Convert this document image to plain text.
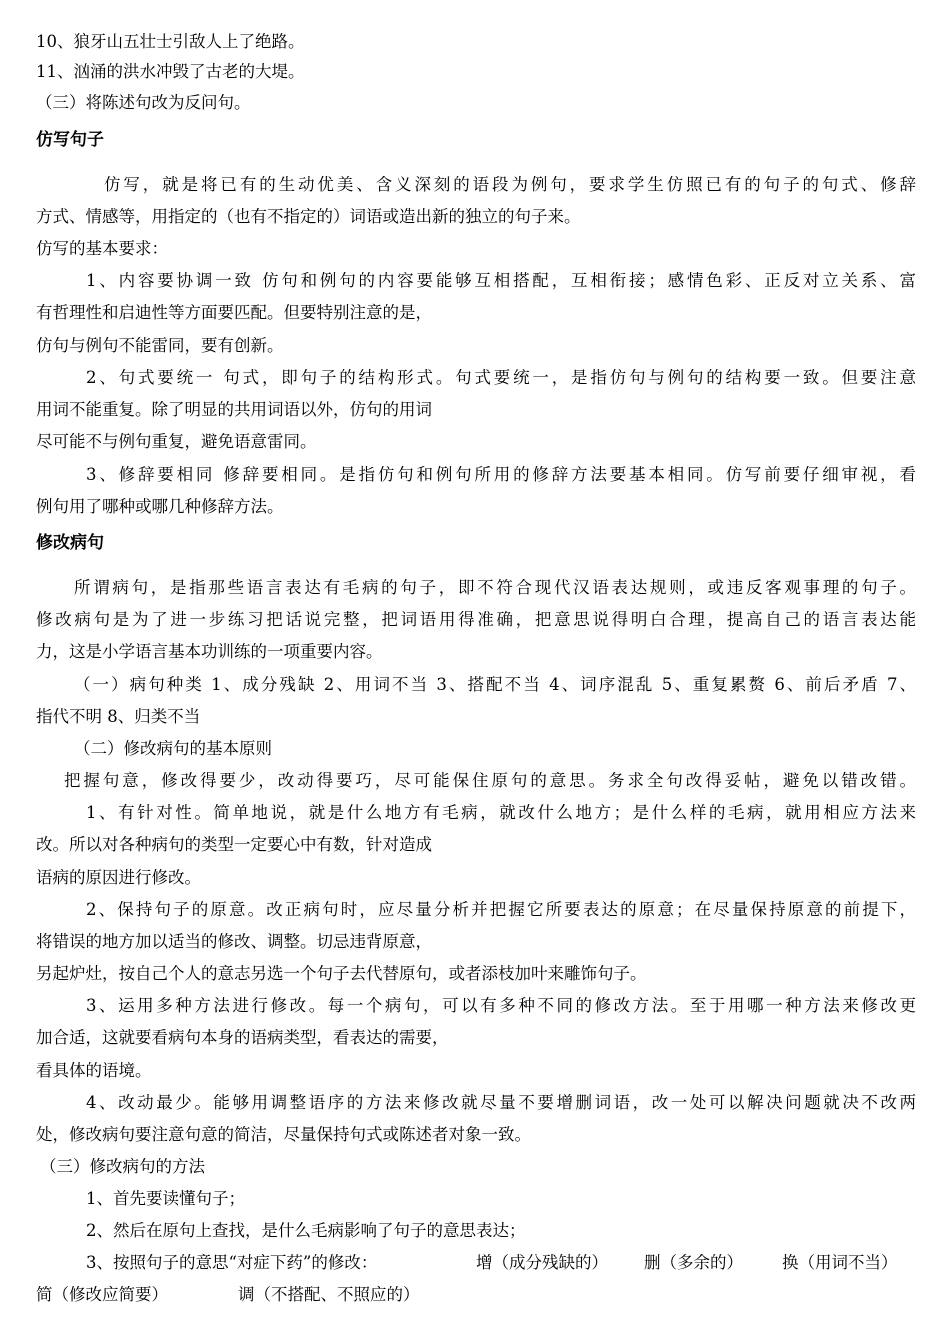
10、狼牙山五壮士引敌人上了绝路。
11、汹涌的洪水冲毁了古老的大堤。
（三）将陈述句改为反问句。
仿写句子
仿写，就是将已有的生动优美、含义深刻的语段为例句，要求学生仿照已有的句子的句式、修辞
方式、情感等，用指定的（也有不指定的）词语或造出新的独立的句子来。
仿写的基本要求：
1、内容要协调一致 仿句和例句的内容要能够互相搭配，互相衔接；感情色彩、正反对立关系、富
有哲理性和启迪性等方面要匹配。但要特别注意的是，
仿句与例句不能雷同，要有创新。
2、句式要统一 句式，即句子的结构形式。句式要统一，是指仿句与例句的结构要一致。但要注意
用词不能重复。除了明显的共用词语以外，仿句的用词
尽可能不与例句重复，避免语意雷同。
3、修辞要相同 修辞要相同。是指仿句和例句所用的修辞方法要基本相同。仿写前要仔细审视，看
例句用了哪种或哪几种修辞方法。
修改病句
所谓病句，是指那些语言表达有毛病的句子，即不符合现代汉语表达规则，或违反客观事理的句子。
修改病句是为了进一步练习把话说完整，把词语用得准确，把意思说得明白合理，提高自己的语言表达能
力，这是小学语言基本功训练的一项重要内容。
（一）病句种类 1、成分残缺 2、用词不当 3、搭配不当 4、词序混乱 5、重复累赘 6、前后矛盾 7、
指代不明 8、归类不当
（二）修改病句的基本原则
把握句意，修改得要少，改动得要巧，尽可能保住原句的意思。务求全句改得妥帖，避免以错改错。
1、有针对性。简单地说，就是什么地方有毛病，就改什么地方；是什么样的毛病，就用相应方法来
改。所以对各种病句的类型一定要心中有数，针对造成
语病的原因进行修改。
2、保持句子的原意。改正病句时，应尽量分析并把握它所要表达的原意；在尽量保持原意的前提下，
将错误的地方加以适当的修改、调整。切忌违背原意，
另起炉灶，按自己个人的意志另选一个句子去代替原句，或者添枝加叶来雕饰句子。
3、运用多种方法进行修改。每一个病句，可以有多种不同的修改方法。至于用哪一种方法来修改更
加合适，这就要看病句本身的语病类型，看表达的需要，
看具体的语境。
4、改动最少。能够用调整语序的方法来修改就尽量不要增删词语，改一处可以解决问题就决不改两
处，修改病句要注意句意的简洁，尽量保持句式或陈述者对象一致。
（三）修改病句的方法
1、首先要读懂句子；
2、然后在原句上查找，是什么毛病影响了句子的意思表达；
3、按照句子的意思“对症下药”的修改：	增（成分残缺的） 删（多余的） 换（用词不当）
简（修改应简要）	调（不搭配、不照应的）
